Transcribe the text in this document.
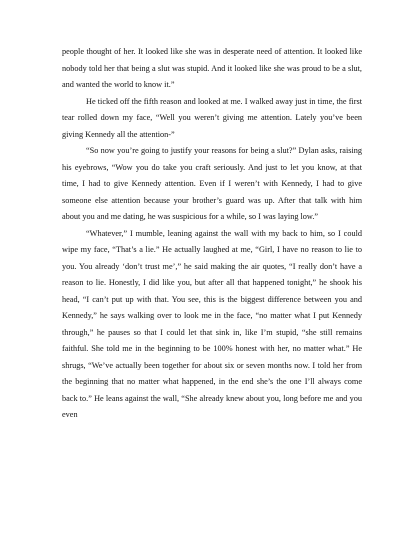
people thought of her. It looked like she was in desperate need of attention. It looked like nobody told her that being a slut was stupid. And it looked like she was proud to be a slut, and wanted the world to know it.”

He ticked off the fifth reason and looked at me. I walked away just in time, the first tear rolled down my face, “Well you weren’t giving me attention. Lately you’ve been giving Kennedy all the attention-”

“So now you’re going to justify your reasons for being a slut?” Dylan asks, raising his eyebrows, “Wow you do take you craft seriously. And just to let you know, at that time, I had to give Kennedy attention. Even if I weren’t with Kennedy, I had to give someone else attention because your brother’s guard was up. After that talk with him about you and me dating, he was suspicious for a while, so I was laying low.”

“Whatever,” I mumble, leaning against the wall with my back to him, so I could wipe my face, “That’s a lie.” He actually laughed at me, “Girl, I have no reason to lie to you. You already ‘don’t trust me’,” he said making the air quotes, “I really don’t have a reason to lie. Honestly, I did like you, but after all that happened tonight,” he shook his head, “I can’t put up with that. You see, this is the biggest difference between you and Kennedy,” he says walking over to look me in the face, “no matter what I put Kennedy through,” he pauses so that I could let that sink in, like I’m stupid, “she still remains faithful. She told me in the beginning to be 100% honest with her, no matter what.” He shrugs, “We’ve actually been together for about six or seven months now. I told her from the beginning that no matter what happened, in the end she’s the one I’ll always come back to.” He leans against the wall, “She already knew about you, long before me and you even
